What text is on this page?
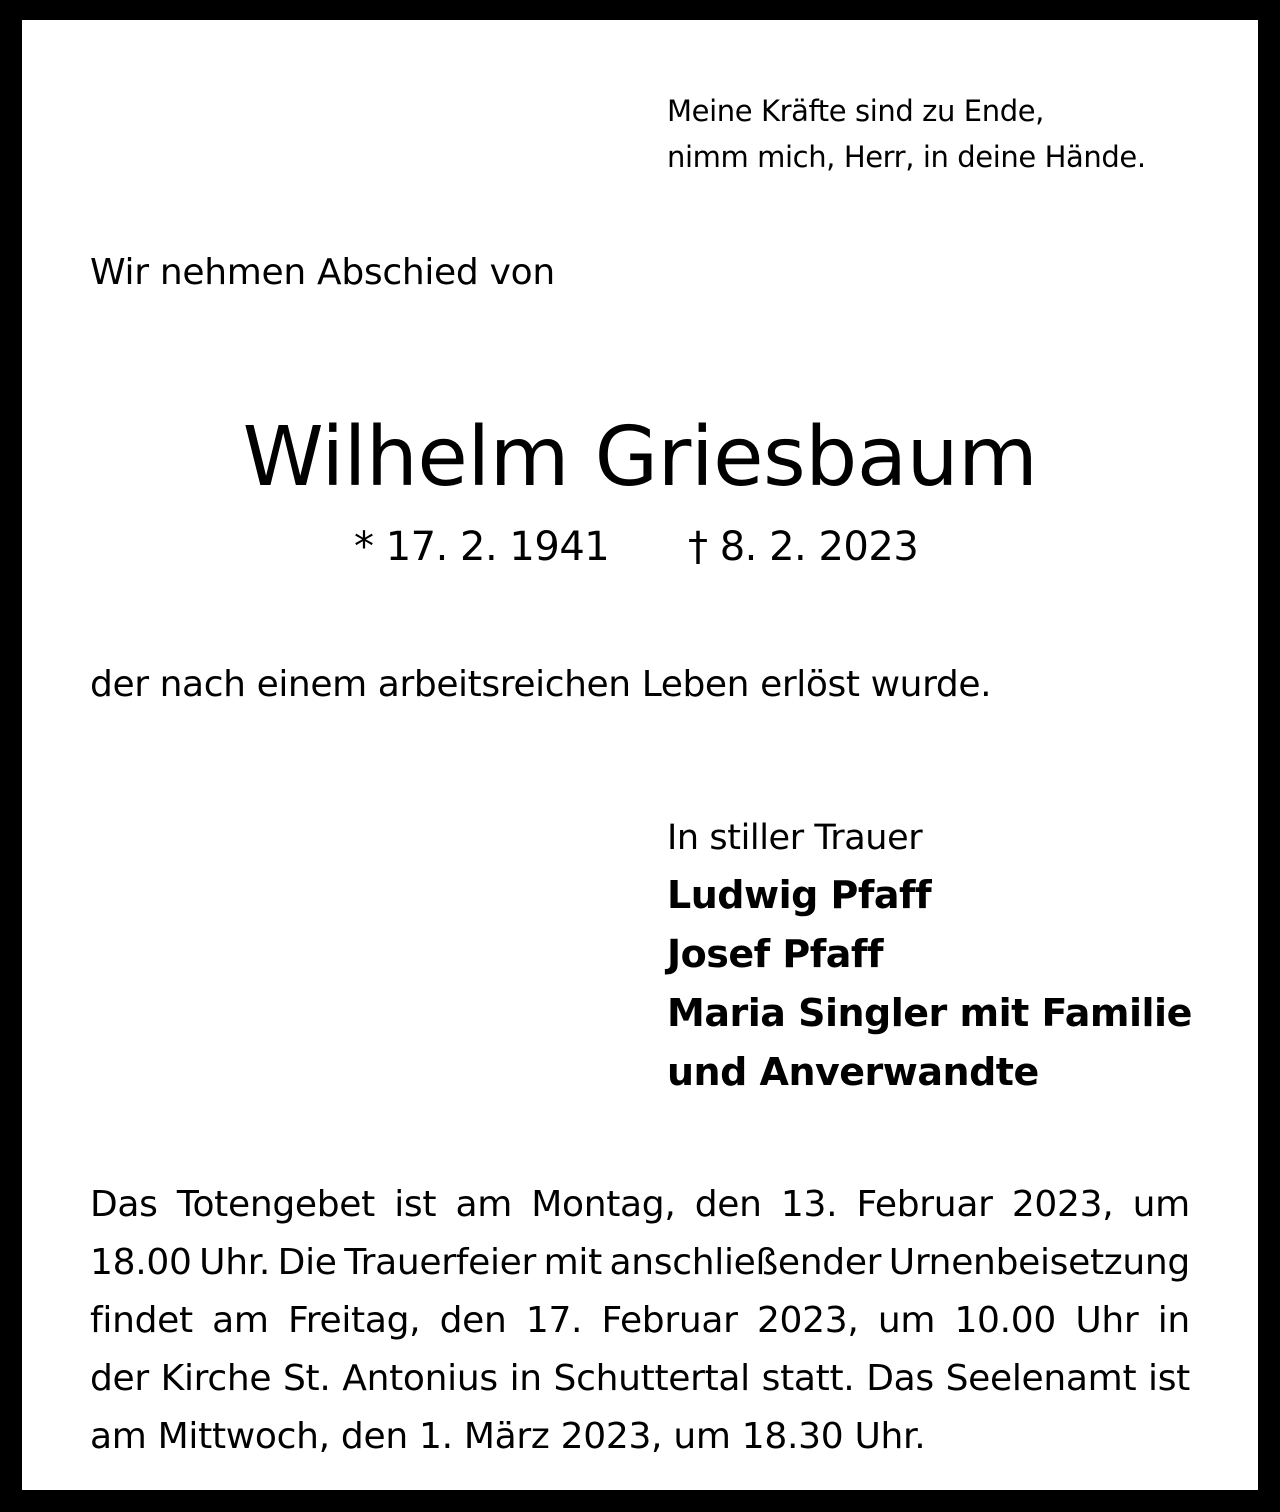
Meine Kräfte sind zu Ende,
nimm mich, Herr, in deine Hände.
Wir nehmen Abschied von
Wilhelm Griesbaum
* 17. 2. 1941 † 8. 2. 2023
der nach einem arbeitsreichen Leben erlöst wurde.
In stiller Trauer
Ludwig Pfaff
Josef Pfaff
Maria Singler mit Familie
und Anverwandte
Das Totengebet ist am Montag, den 13. Februar 2023, um
18.00 Uhr. Die Trauerfeier mit anschließender Urnenbeisetzung
findet am Freitag, den 17. Februar 2023, um 10.00 Uhr in
der Kirche St. Antonius in Schuttertal statt. Das Seelenamt ist
am Mittwoch, den 1. März 2023, um 18.30 Uhr.
